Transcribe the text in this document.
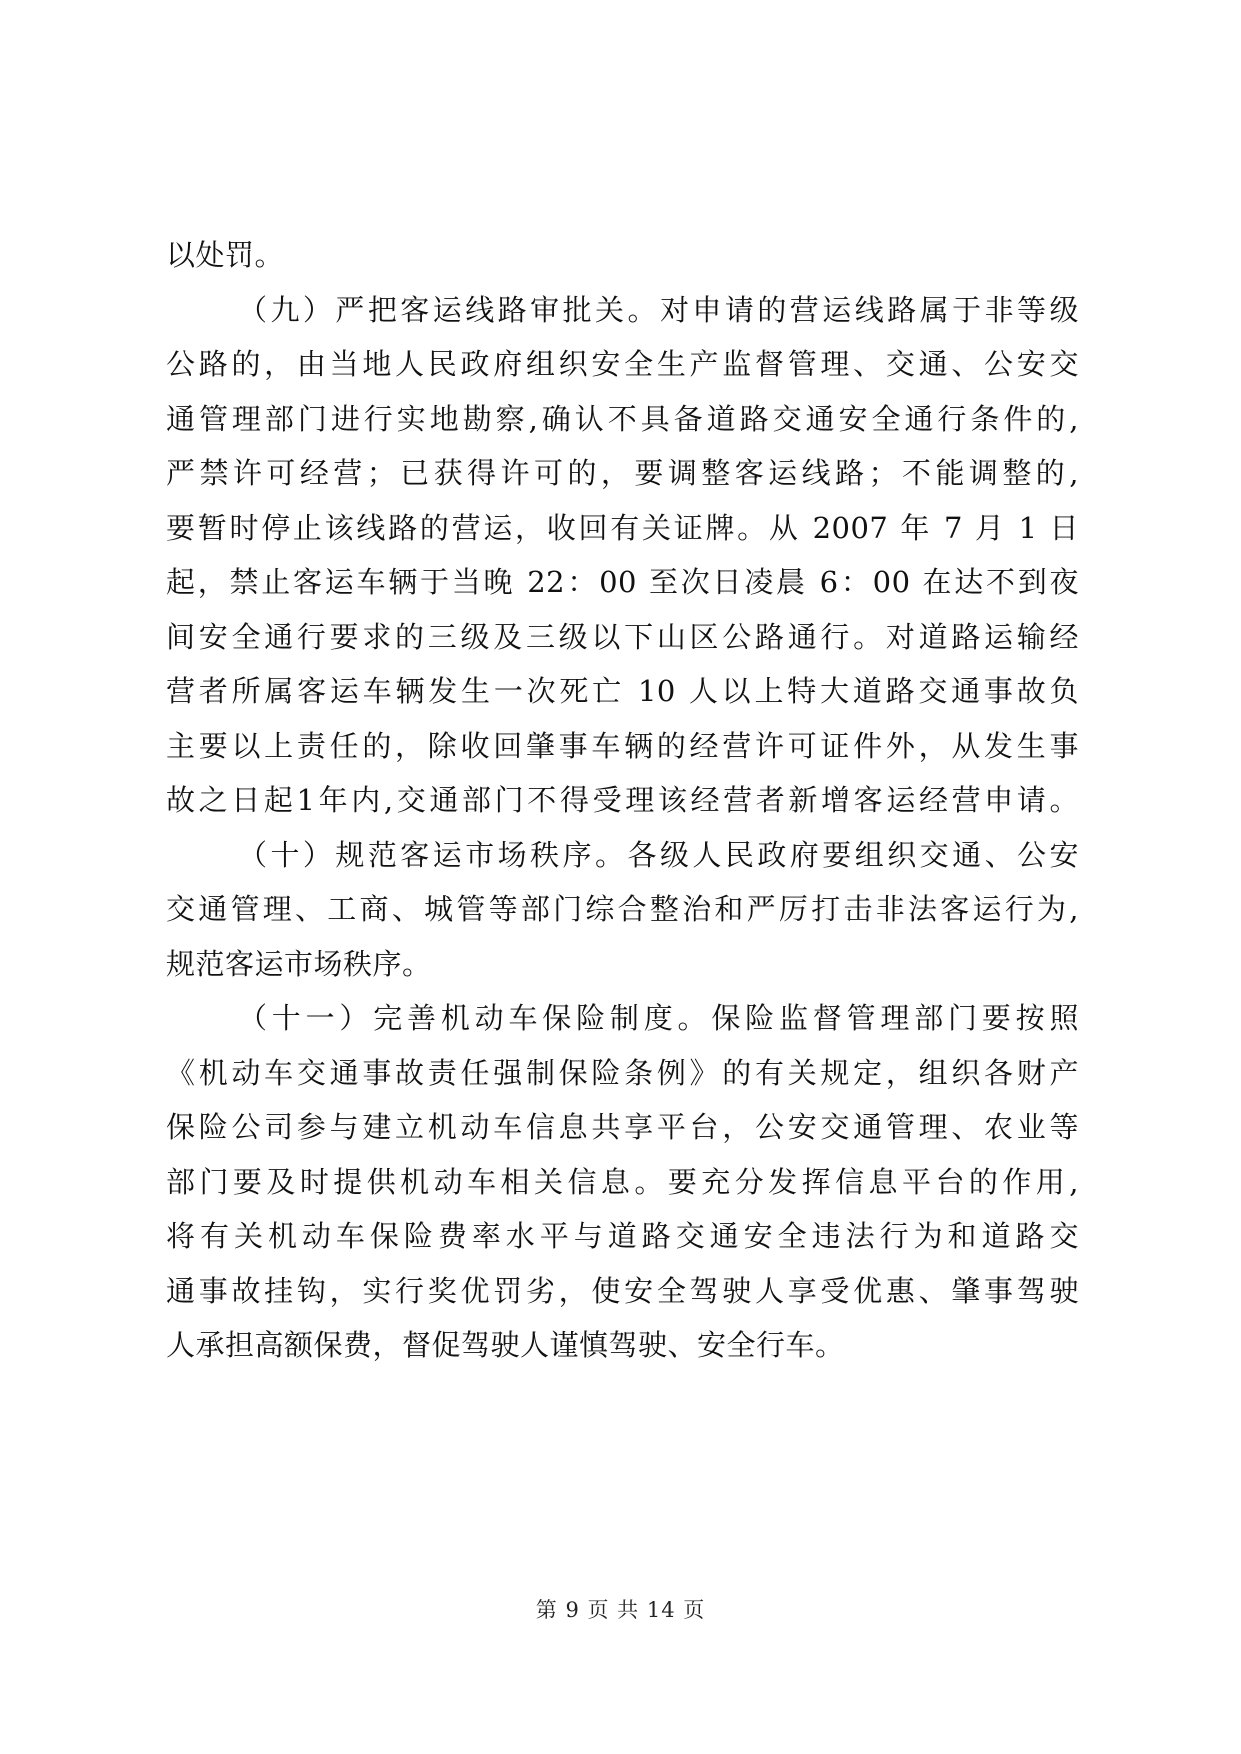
以处罚。
（九）严把客运线路审批关。对申请的营运线路属于非等级
公路的，由当地人民政府组织安全生产监督管理、交通、公安交
通管理部门进行实地勘察,确认不具备道路交通安全通行条件的,
严禁许可经营；已获得许可的，要调整客运线路；不能调整的,
要暂时停止该线路的营运，收回有关证牌。从 2007 年 7 月 1 日
起，禁止客运车辆于当晚 22：00 至次日凌晨 6：00 在达不到夜
间安全通行要求的三级及三级以下山区公路通行。对道路运输经
营者所属客运车辆发生一次死亡 10 人以上特大道路交通事故负
主要以上责任的，除收回肇事车辆的经营许可证件外，从发生事
故之日起1年内,交通部门不得受理该经营者新增客运经营申请。
（十）规范客运市场秩序。各级人民政府要组织交通、公安
交通管理、工商、城管等部门综合整治和严厉打击非法客运行为,
规范客运市场秩序。
（十一）完善机动车保险制度。保险监督管理部门要按照
《机动车交通事故责任强制保险条例》的有关规定，组织各财产
保险公司参与建立机动车信息共享平台，公安交通管理、农业等
部门要及时提供机动车相关信息。要充分发挥信息平台的作用,
将有关机动车保险费率水平与道路交通安全违法行为和道路交
通事故挂钩，实行奖优罚劣，使安全驾驶人享受优惠、肇事驾驶
人承担高额保费，督促驾驶人谨慎驾驶、安全行车。
第 9 页 共 14 页
